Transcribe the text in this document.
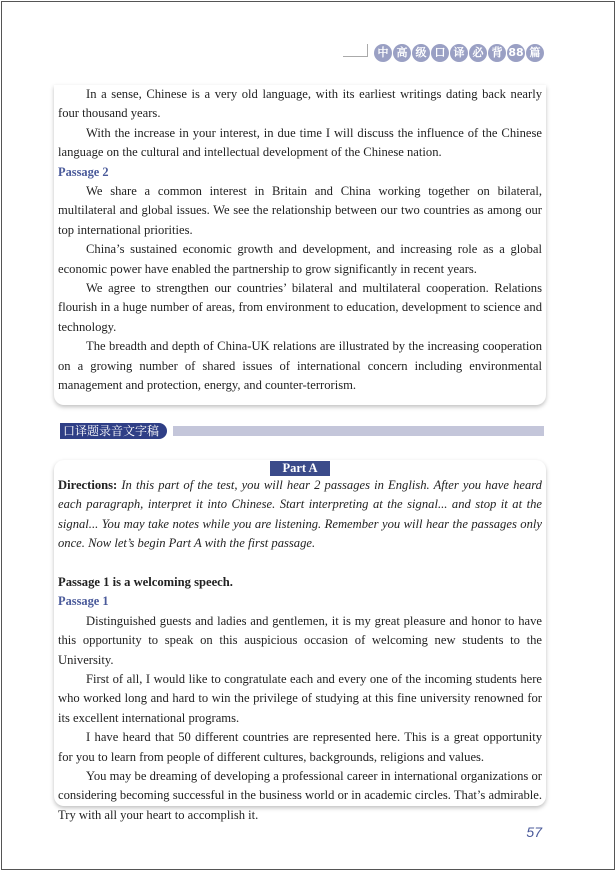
中 高 级 口 译 必 背 88 篇

In a sense, Chinese is a very old language, with its earliest writings dating back nearly four thousand years.

With the increase in your interest, in due time I will discuss the influence of the Chinese language on the cultural and intellectual development of the Chinese nation.

Passage 2

We share a common interest in Britain and China working together on bilateral, multilateral and global issues. We see the relationship between our two countries as among our top international priorities.

China’s sustained economic growth and development, and increasing role as a global economic power have enabled the partnership to grow significantly in recent years.

We agree to strengthen our countries’ bilateral and multilateral cooperation. Relations flourish in a huge number of areas, from environment to education, development to science and technology.

The breadth and depth of China-UK relations are illustrated by the increasing cooperation on a growing number of shared issues of international concern including environmental management and protection, energy, and counter-terrorism.

口译题录音文字稿
Part A

Directions: In this part of the test, you will hear 2 passages in English. After you have heard each paragraph, interpret it into Chinese. Start interpreting at the signal... and stop it at the signal... You may take notes while you are listening. Remember you will hear the passages only once. Now let’s begin Part A with the first passage.

Passage 1 is a welcoming speech.

Passage 1

Distinguished guests and ladies and gentlemen, it is my great pleasure and honor to have this opportunity to speak on this auspicious occasion of welcoming new students to the University.

First of all, I would like to congratulate each and every one of the incoming students here who worked long and hard to win the privilege of studying at this fine university renowned for its excellent international programs.

I have heard that 50 different countries are represented here. This is a great opportunity for you to learn from people of different cultures, backgrounds, religions and values.

You may be dreaming of developing a professional career in international organizations or considering becoming successful in the business world or in academic circles. That’s admirable. Try with all your heart to accomplish it.

57
